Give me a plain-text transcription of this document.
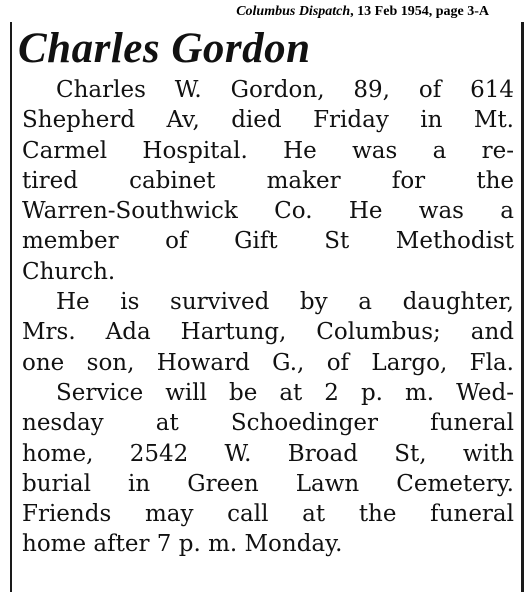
Columbus Dispatch, 13 Feb 1954, page 3-A
Charles Gordon
Charles W. Gordon, 89, of 614
Shepherd Av, died Friday in Mt.
Carmel Hospital. He was a re-
tired cabinet maker for the
Warren-Southwick Co. He was a
member of Gift St Methodist
Church.
He is survived by a daughter,
Mrs. Ada Hartung, Columbus; and
one son, Howard G., of Largo, Fla.
Service will be at 2 p. m. Wed-
nesday at Schoedinger funeral
home, 2542 W. Broad St, with
burial in Green Lawn Cemetery.
Friends may call at the funeral
home after 7 p. m. Monday.
